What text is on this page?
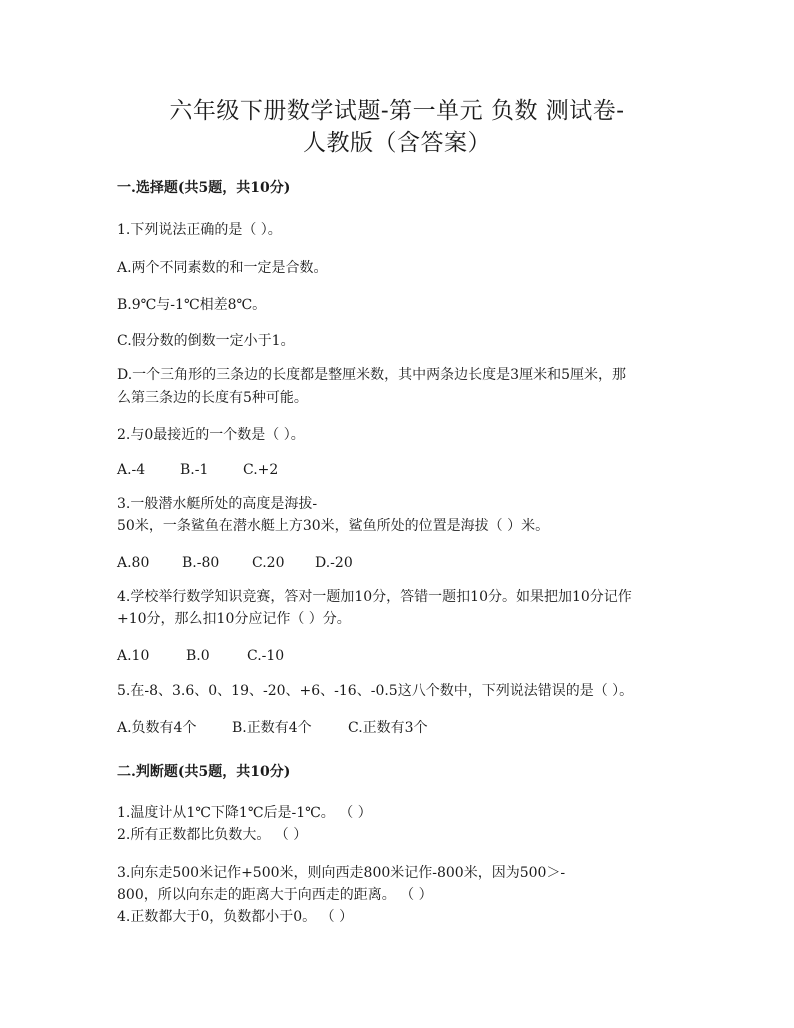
六年级下册数学试题-第一单元 负数 测试卷-
人教版（含答案）
一.选择题(共5题，共10分)
1.下列说法正确的是（ ）。
A.两个不同素数的和一定是合数。
B.9℃与-1℃相差8℃。
C.假分数的倒数一定小于1。
D.一个三角形的三条边的长度都是整厘米数，其中两条边长度是3厘米和5厘米，那
么第三条边的长度有5种可能。
2.与0最接近的一个数是（ ）。
A.-4 B.-1 C.+2
3.一般潜水艇所处的高度是海拔-
50米，一条鲨鱼在潜水艇上方30米，鲨鱼所处的位置是海拔（ ）米。
A.80 B.-80 C.20 D.-20
4.学校举行数学知识竞赛，答对一题加10分，答错一题扣10分。如果把加10分记作
+10分，那么扣10分应记作（ ）分。
A.10	B.0	C.-10
5.在-8、3.6、0、19、-20、+6、-16、-0.5这八个数中，下列说法错误的是（ ）。
A.负数有4个	B.正数有4个	C.正数有3个
二.判断题(共5题，共10分)
1.温度计从1℃下降1℃后是-1℃。 （ ）
2.所有正数都比负数大。 （ ）
3.向东走500米记作+500米，则向西走800米记作-800米，因为500＞-
800，所以向东走的距离大于向西走的距离。 （ ）
4.正数都大于0，负数都小于0。 （ ）
